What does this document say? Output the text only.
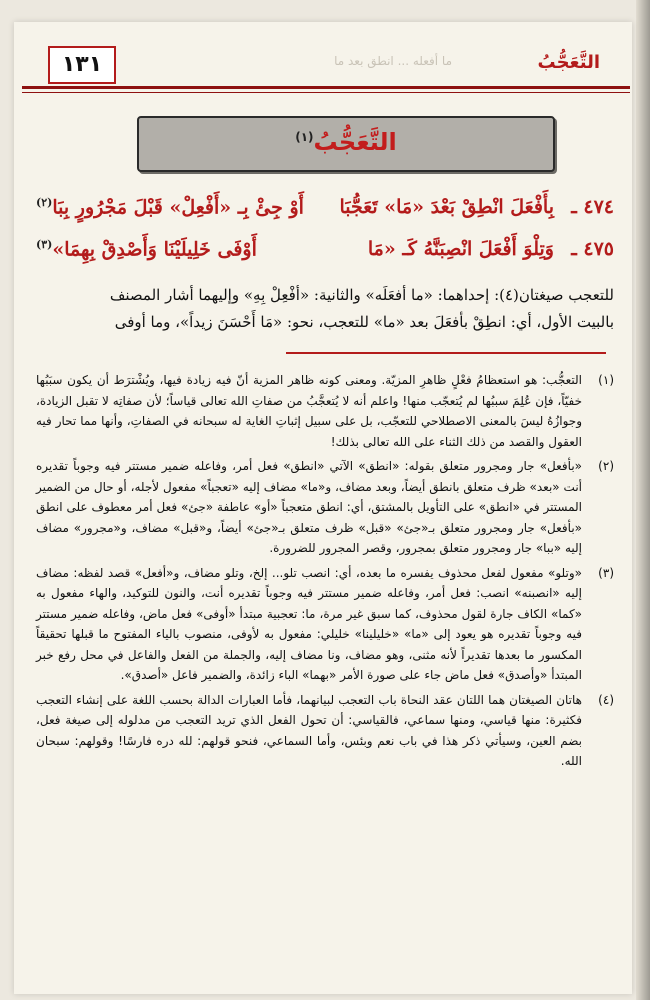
ما أفعله ... انطق بعد ما	التَّعَجُّبُ
١٣١
التَّعَجُّبُ$^{(١)}$
٤٧٤ ـ
بِأَفْعَلَ انْطِقْ بَعْدَ «مَا» تَعَجُّبَا
أَوْ جِئْ بِـ «أَفْعِلْ» قَبْلَ مَجْرُورٍ بِبَا$^{(٢)}$
٤٧٥ ـ
وَتِلْوَ أَفْعَلَ انْصِبَنَّهُ كَـ «مَا
أَوْفَى خَلِيلَيْنَا وَأَصْدِقْ بِهِمَا»$^{(٣)}$
للتعجب صيغتان(٤): إحداهما: «ما أفعَلَه» والثانية: «أفْعِلْ بِهِ» وإليهما أشار المصنف
بالبيت الأول، أي: انطِقْ بأفعَلَ بعد «ما» للتعجب، نحو: «مَا أَحْسَنَ زيداً»، وما أوفى
(١)
التعجُّب: هو استعظامُ فعْلٍ ظاهرِ المزيّة. ومعنى كونه ظاهر المزية أنّ فيه زيادة فيها، ويُشْترَط أن يكون سبَبُها خفيّاً، فإن عُلِمَ سببُها لم يُتعجّب منها! واعلم أنه لا يُتعجَّبُ من صفاتِ الله تعالى قياساً؛ لأن صفاتِه لا تقبل الزيادة، وجوازُهُ ليسَ بالمعنى الاصطلاحي للتعجّب، بل على سبيل إثباتِ الغاية له سبحانه في الصفاتِ، وأنها مما تحار فيه العقول والقصد من ذلك الثناء على الله تعالى بذلك!
(٢)
«بأفعل» جار ومجرور متعلق بقوله: «انطق» الآتي «انطق» فعل أمر، وفاعله ضمير مستتر فيه وجوباً تقديره أنت «بعد» ظرف متعلق بانطق أيضاً، وبعد مضاف، و«ما» مضاف إليه «تعجباً» مفعول لأجله، أو حال من الضمير المستتر في «انطق» على التأويل بالمشتق، أي: انطق متعجباً «أو» عاطفة «جئ» فعل أمر معطوف على انطق «بأفعل» جار ومجرور متعلق بـ«جئ» «قبل» ظرف متعلق بـ«جئ» أيضاً، و«قبل» مضاف، و«مجرور» مضاف إليه «ببا» جار ومجرور متعلق بمجرور، وقصر المجرور للضرورة.
(٣)
«وتلو» مفعول لفعل محذوف يفسره ما بعده، أي: انصب تلو... إلخ، وتلو مضاف، و«أفعل» قصد لفظه: مضاف إليه «انصبنه» انصب: فعل أمر، وفاعله ضمير مستتر فيه وجوباً تقديره أنت، والنون للتوكيد، والهاء مفعول به «كما» الكاف جارة لقول محذوف، كما سبق غير مرة، ما: تعجبية مبتدأ «أوفى» فعل ماض، وفاعله ضمير مستتر فيه وجوباً تقديره هو يعود إلى «ما» «خليلينا» خليلي: مفعول به لأوفى، منصوب بالياء المفتوح ما قبلها تحقيقاً المكسور ما بعدها تقديراً لأنه مثنى، وهو مضاف، ونا مضاف إليه، والجملة من الفعل والفاعل في محل رفع خبر المبتدأ «وأصدق» فعل ماض جاء على صورة الأمر «بهما» الباء زائدة، والضمير فاعل «أصدق».
(٤)
هاتان الصيغتان هما اللتان عقد النحاة باب التعجب لبيانهما، فأما العبارات الدالة بحسب اللغة على إنشاء التعجب فكثيرة: منها قياسي، ومنها سماعي، فالقياسي: أن تحول الفعل الذي تريد التعجب من مدلوله إلى صيغة فعل، بضم العين، وسيأتي ذكر هذا في باب نعم وبئس، وأما السماعي، فنحو قولهم: لله دره فارسًا! وقولهم: سبحان الله.
